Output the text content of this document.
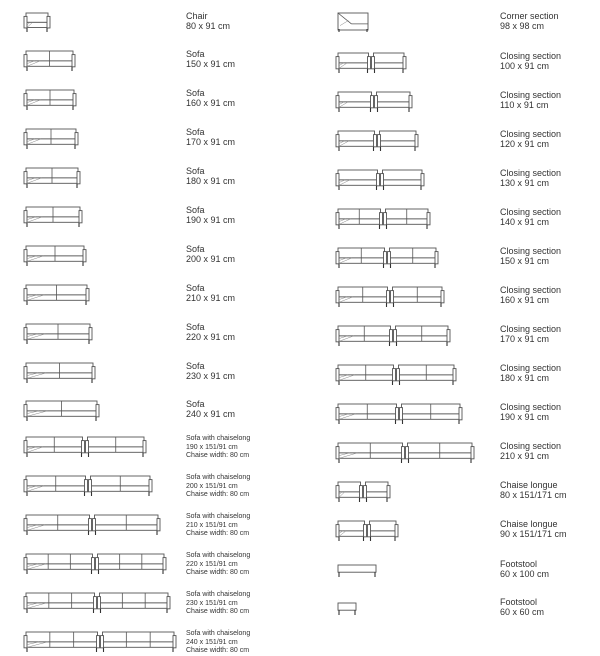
Chair
80 x 91 cm
Sofa
150 x 91 cm
Sofa
160 x 91 cm
Sofa
170 x 91 cm
Sofa
180 x 91 cm
Sofa
190 x 91 cm
Sofa
200 x 91 cm
Sofa
210 x 91 cm
Sofa
220 x 91 cm
Sofa
230 x 91 cm
Sofa
240 x 91 cm
Sofa with chaiselong
190 x 151/91 cm
Chaise width: 80 cm
Sofa with chaiselong
200 x 151/91 cm
Chaise width: 80 cm
Sofa with chaiselong
210 x 151/91 cm
Chaise width: 80 cm
Sofa with chaiselong
220 x 151/91 cm
Chaise width: 80 cm
Sofa with chaiselong
230 x 151/91 cm
Chaise width: 80 cm
Sofa with chaiselong
240 x 151/91 cm
Chaise width: 80 cm
Corner section
98 x 98 cm
Closing section
100 x 91 cm
Closing section
110 x 91 cm
Closing section
120 x 91 cm
Closing section
130 x 91 cm
Closing section
140 x 91 cm
Closing section
150 x 91 cm
Closing section
160 x 91 cm
Closing section
170 x 91 cm
Closing section
180 x 91 cm
Closing section
190 x 91 cm
Closing section
210 x 91 cm
Chaise longue
80 x 151/171 cm
Chaise longue
90 x 151/171 cm
Footstool
60 x 100 cm
Footstool
60 x 60 cm
